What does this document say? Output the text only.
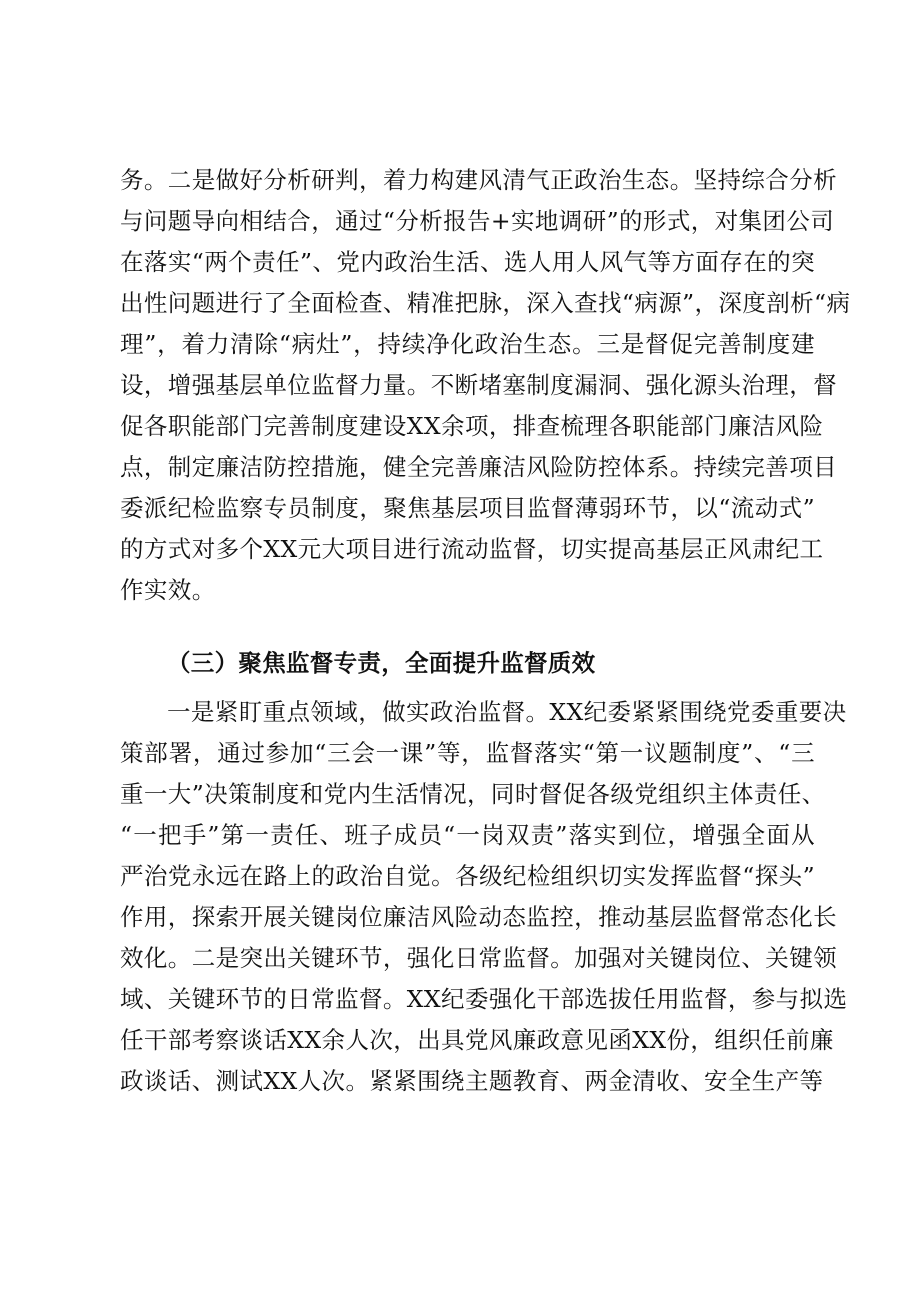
务。二是做好分析研判，着力构建风清气正政治生态。坚持综合分析
与问题导向相结合，通过“分析报告+实地调研”的形式，对集团公司
在落实“两个责任”、党内政治生活、选人用人风气等方面存在的突
出性问题进行了全面检查、精准把脉，深入查找“病源”，深度剖析“病
理”，着力清除“病灶”，持续净化政治生态。三是督促完善制度建
设，增强基层单位监督力量。不断堵塞制度漏洞、强化源头治理，督
促各职能部门完善制度建设XX余项，排查梳理各职能部门廉洁风险
点，制定廉洁防控措施，健全完善廉洁风险防控体系。持续完善项目
委派纪检监察专员制度，聚焦基层项目监督薄弱环节，以“流动式”
的方式对多个XX元大项目进行流动监督，切实提高基层正风肃纪工
作实效。
（三）聚焦监督专责，全面提升监督质效
一是紧盯重点领域，做实政治监督。XX纪委紧紧围绕党委重要决
策部署，通过参加“三会一课”等，监督落实“第一议题制度”、“三
重一大”决策制度和党内生活情况，同时督促各级党组织主体责任、
“一把手”第一责任、班子成员“一岗双责”落实到位，增强全面从
严治党永远在路上的政治自觉。各级纪检组织切实发挥监督“探头”
作用，探索开展关键岗位廉洁风险动态监控，推动基层监督常态化长
效化。二是突出关键环节，强化日常监督。加强对关键岗位、关键领
域、关键环节的日常监督。XX纪委强化干部选拔任用监督，参与拟选
任干部考察谈话XX余人次，出具党风廉政意见函XX份，组织任前廉
政谈话、测试XX人次。紧紧围绕主题教育、两金清收、安全生产等
